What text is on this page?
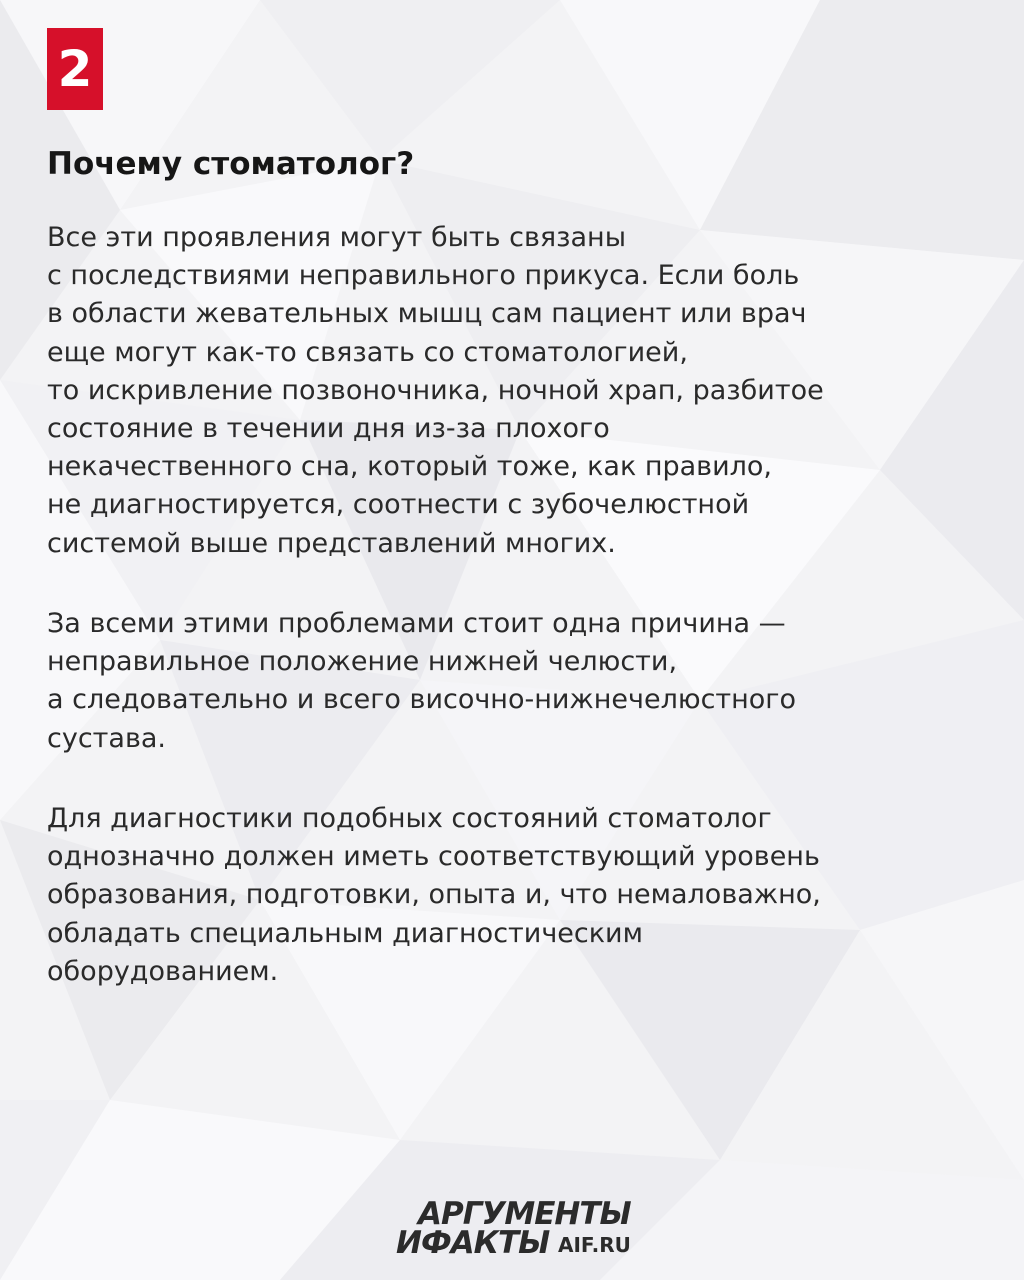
2
Почему стоматолог?

Все эти проявления могут быть связаны
с последствиями неправильного прикуса. Если боль
в области жевательных мышц сам пациент или врач
еще могут как-то связать со стоматологией,
то искривление позвоночника, ночной храп, разбитое
состояние в течении дня из-за плохого
некачественного сна, который тоже, как правило,
не диагностируется, соотнести с зубочелюстной
системой выше представлений многих.

За всеми этими проблемами стоит одна причина —
неправильное положение нижней челюсти,
а следовательно и всего височно-нижнечелюстного
сустава.

Для диагностики подобных состояний стоматолог
однозначно должен иметь соответствующий уровень
образования, подготовки, опыта и, что немаловажно,
обладать специальным диагностическим
оборудованием.

АРГУМЕНТЫ
ИФАКТЫ AIF.RU
